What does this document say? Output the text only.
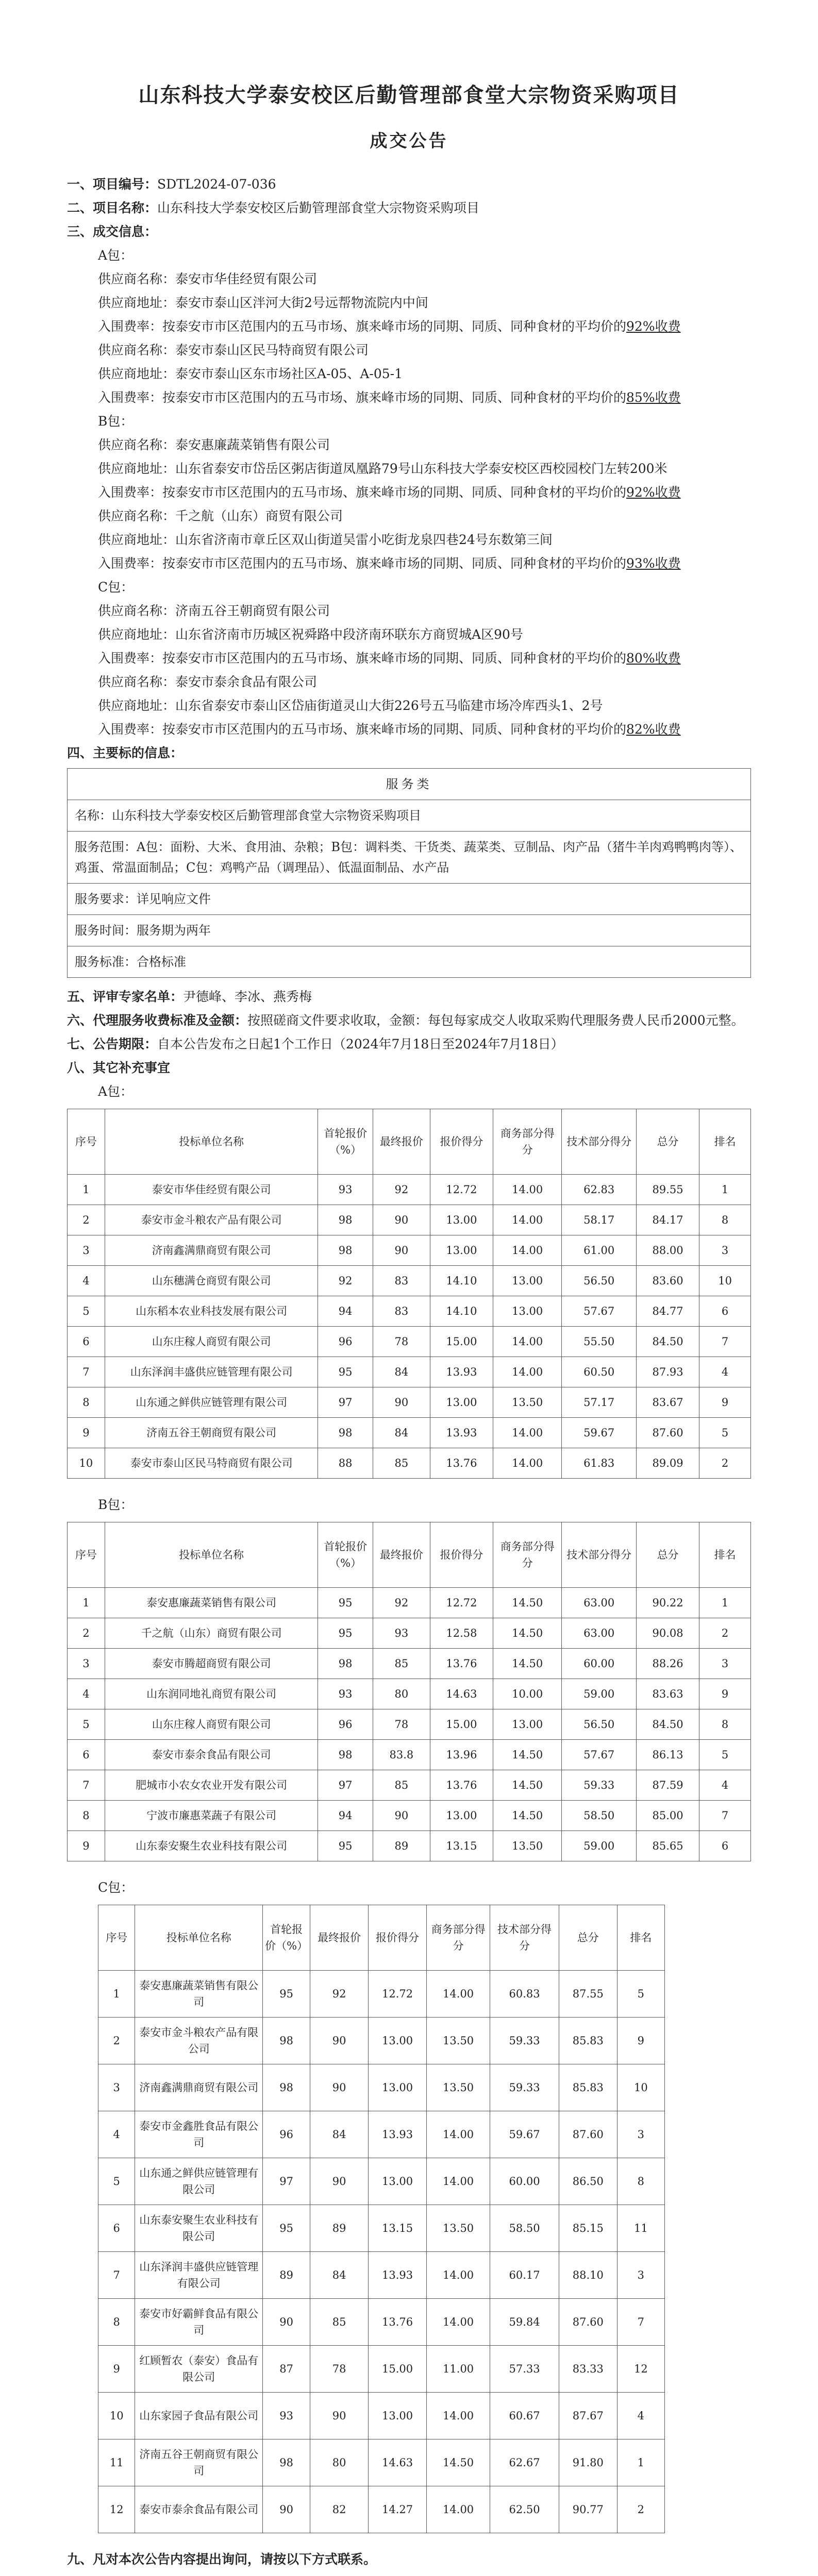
山东科技大学泰安校区后勤管理部食堂大宗物资采购项目
成交公告

一、项目编号：SDTL2024-07-036

二、项目名称：山东科技大学泰安校区后勤管理部食堂大宗物资采购项目

三、成交信息：

A包：

供应商名称：泰安市华佳经贸有限公司

供应商地址：泰安市泰山区泮河大街2号远帮物流院内中间

入围费率：按泰安市市区范围内的五马市场、旗来峰市场的同期、同质、同种食材的平均价的92%收费

供应商名称：泰安市泰山区民马特商贸有限公司

供应商地址：泰安市泰山区东市场社区A-05、A-05-1

入围费率：按泰安市市区范围内的五马市场、旗来峰市场的同期、同质、同种食材的平均价的85%收费

B包：

供应商名称：泰安惠廉蔬菜销售有限公司

供应商地址：山东省泰安市岱岳区粥店街道凤凰路79号山东科技大学泰安校区西校园校门左转200米

入围费率：按泰安市市区范围内的五马市场、旗来峰市场的同期、同质、同种食材的平均价的92%收费

供应商名称：千之航（山东）商贸有限公司

供应商地址：山东省济南市章丘区双山街道吴雷小吃街龙泉四巷24号东数第三间

入围费率：按泰安市市区范围内的五马市场、旗来峰市场的同期、同质、同种食材的平均价的93%收费

C包：

供应商名称：济南五谷王朝商贸有限公司

供应商地址：山东省济南市历城区祝舜路中段济南环联东方商贸城A区90号

入围费率：按泰安市市区范围内的五马市场、旗来峰市场的同期、同质、同种食材的平均价的80%收费

供应商名称：泰安市泰余食品有限公司

供应商地址：山东省泰安市泰山区岱庙街道灵山大街226号五马临建市场冷库西头1、2号

入围费率：按泰安市市区范围内的五马市场、旗来峰市场的同期、同质、同种食材的平均价的82%收费

四、主要标的信息：

服务类
名称：山东科技大学泰安校区后勤管理部食堂大宗物资采购项目
服务范围：A包：面粉、大米、食用油、杂粮；B包：调料类、干货类、蔬菜类、豆制品、肉产品（猪牛羊肉鸡鸭鸭肉等）、鸡蛋、常温面制品；C包：鸡鸭产品（调理品）、低温面制品、水产品
服务要求：详见响应文件
服务时间：服务期为两年
服务标准：合格标准

五、评审专家名单：尹德峰、李冰、燕秀梅

六、代理服务收费标准及金额：按照磋商文件要求收取，金额：每包每家成交人收取采购代理服务费人民币2000元整。

七、公告期限：自本公告发布之日起1个工作日（2024年7月18日至2024年7月18日）

八、其它补充事宜

A包：

序号	投标单位名称	首轮报价（%）	最终报价	报价得分	商务部分得分	技术部分得分	总分	排名
1	泰安市华佳经贸有限公司	93	92	12.72	14.00	62.83	89.55	1
2	泰安市金斗粮农产品有限公司	98	90	13.00	14.00	58.17	84.17	8
3	济南鑫满鼎商贸有限公司	98	90	13.00	14.00	61.00	88.00	3
4	山东穗满仓商贸有限公司	92	83	14.10	13.00	56.50	83.60	10
5	山东稻本农业科技发展有限公司	94	83	14.10	13.00	57.67	84.77	6
6	山东庄稼人商贸有限公司	96	78	15.00	14.00	55.50	84.50	7
7	山东泽润丰盛供应链管理有限公司	95	84	13.93	14.00	60.50	87.93	4
8	山东通之鲜供应链管理有限公司	97	90	13.00	13.50	57.17	83.67	9
9	济南五谷王朝商贸有限公司	98	84	13.93	14.00	59.67	87.60	5
10	泰安市泰山区民马特商贸有限公司	88	85	13.76	14.00	61.83	89.09	2

B包：

序号	投标单位名称	首轮报价（%）	最终报价	报价得分	商务部分得分	技术部分得分	总分	排名
1	泰安惠廉蔬菜销售有限公司	95	92	12.72	14.50	63.00	90.22	1
2	千之航（山东）商贸有限公司	95	93	12.58	14.50	63.00	90.08	2
3	泰安市腾超商贸有限公司	98	85	13.76	14.50	60.00	88.26	3
4	山东润同地礼商贸有限公司	93	80	14.63	10.00	59.00	83.63	9
5	山东庄稼人商贸有限公司	96	78	15.00	13.00	56.50	84.50	8
6	泰安市泰余食品有限公司	98	83.8	13.96	14.50	57.67	86.13	5
7	肥城市小农女农业开发有限公司	97	85	13.76	14.50	59.33	87.59	4
8	宁波市廉惠菜蔬子有限公司	94	90	13.00	14.50	58.50	85.00	7
9	山东泰安聚生农业科技有限公司	95	89	13.15	13.50	59.00	85.65	6

C包：

序号	投标单位名称	首轮报价（%）	最终报价	报价得分	商务部分得分	技术部分得分	总分	排名
1	泰安惠廉蔬菜销售有限公司	95	92	12.72	14.00	60.83	87.55	5
2	泰安市金斗粮农产品有限公司	98	90	13.00	13.50	59.33	85.83	9
3	济南鑫满鼎商贸有限公司	98	90	13.00	13.50	59.33	85.83	10
4	泰安市金鑫胜食品有限公司	96	84	13.93	14.00	59.67	87.60	3
5	山东通之鲜供应链管理有限公司	97	90	13.00	14.00	60.00	86.50	8
6	山东泰安聚生农业科技有限公司	95	89	13.15	13.50	58.50	85.15	11
7	山东泽润丰盛供应链管理有限公司	89	84	13.93	14.00	60.17	88.10	3
8	泰安市好霸鲜食品有限公司	90	85	13.76	14.00	59.84	87.60	7
9	红顾暂农（泰安）食品有限公司	87	78	15.00	11.00	57.33	83.33	12
10	山东家园子食品有限公司	93	90	13.00	14.00	60.67	87.67	4
11	济南五谷王朝商贸有限公司	98	80	14.63	14.50	62.67	91.80	1
12	泰安市泰余食品有限公司	90	82	14.27	14.00	62.50	90.77	2

九、凡对本次公告内容提出询问，请按以下方式联系。
